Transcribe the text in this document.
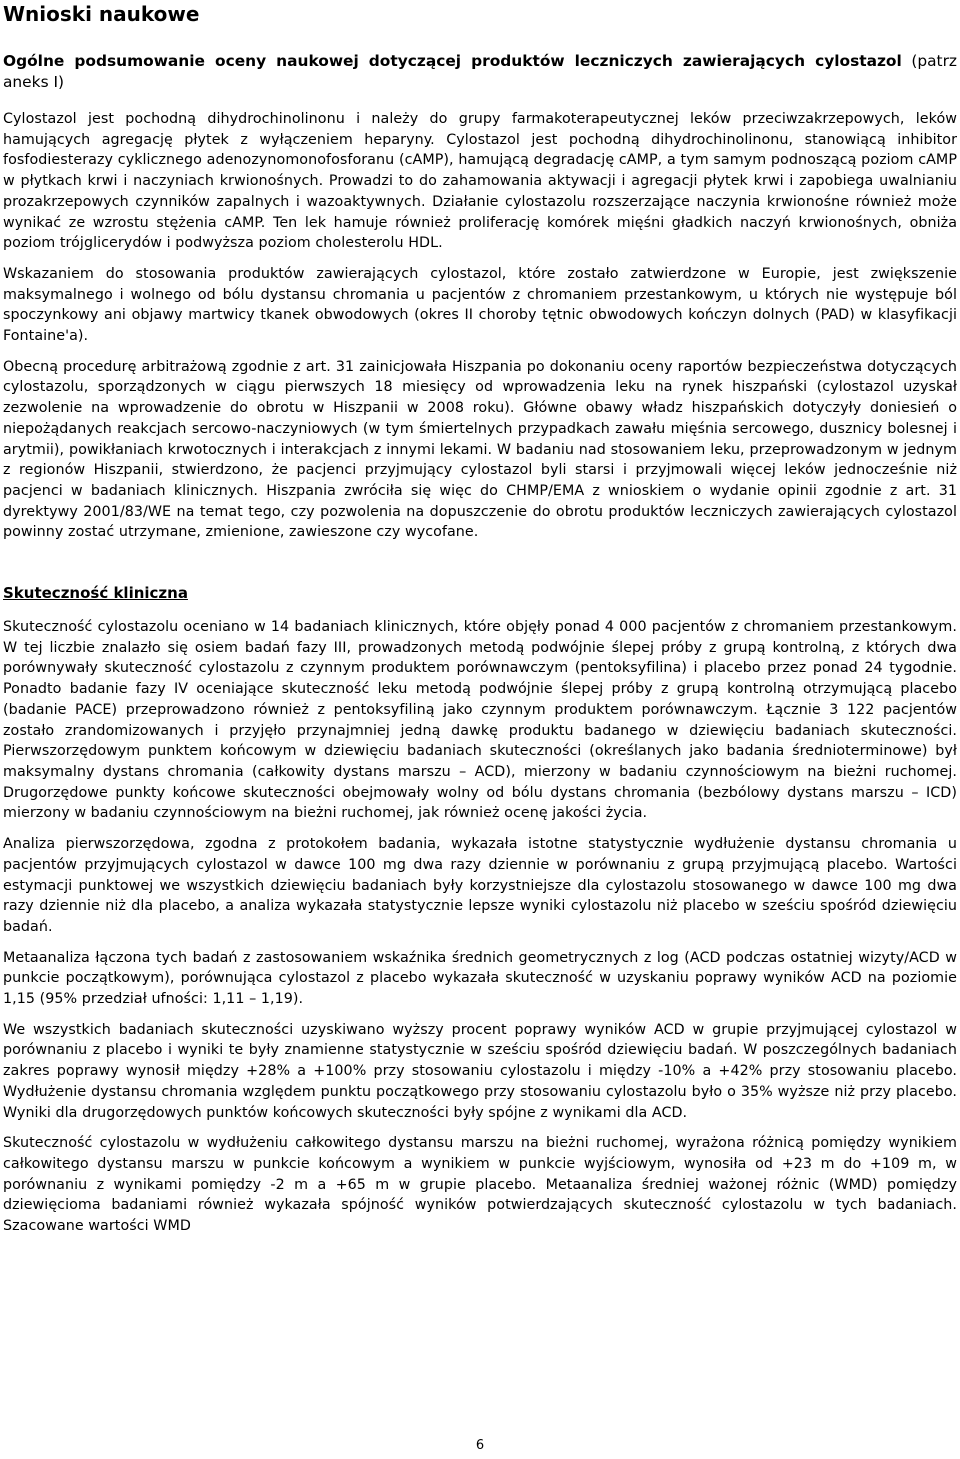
Wnioski naukowe
Ogólne podsumowanie oceny naukowej dotyczącej produktów leczniczych zawierających cylostazol (patrz aneks I)

Cylostazol jest pochodną dihydrochinolinonu i należy do grupy farmakoterapeutycznej leków przeciwzakrzepowych, leków hamujących agregację płytek z wyłączeniem heparyny. Cylostazol jest pochodną dihydrochinolinonu, stanowiącą inhibitor fosfodiesterazy cyklicznego adenozynomonofosforanu (cAMP), hamującą degradację cAMP, a tym samym podnoszącą poziom cAMP w płytkach krwi i naczyniach krwionośnych. Prowadzi to do zahamowania aktywacji i agregacji płytek krwi i zapobiega uwalnianiu prozakrzepowych czynników zapalnych i wazoaktywnych. Działanie cylostazolu rozszerzające naczynia krwionośne również może wynikać ze wzrostu stężenia cAMP. Ten lek hamuje również proliferację komórek mięśni gładkich naczyń krwionośnych, obniża poziom trójglicerydów i podwyższa poziom cholesterolu HDL.

Wskazaniem do stosowania produktów zawierających cylostazol, które zostało zatwierdzone w Europie, jest zwiększenie maksymalnego i wolnego od bólu dystansu chromania u pacjentów z chromaniem przestankowym, u których nie występuje ból spoczynkowy ani objawy martwicy tkanek obwodowych (okres II choroby tętnic obwodowych kończyn dolnych (PAD) w klasyfikacji Fontaine'a).

Obecną procedurę arbitrażową zgodnie z art. 31 zainicjowała Hiszpania po dokonaniu oceny raportów bezpieczeństwa dotyczących cylostazolu, sporządzonych w ciągu pierwszych 18 miesięcy od wprowadzenia leku na rynek hiszpański (cylostazol uzyskał zezwolenie na wprowadzenie do obrotu w Hiszpanii w 2008 roku). Główne obawy władz hiszpańskich dotyczyły doniesień o niepożądanych reakcjach sercowo-naczyniowych (w tym śmiertelnych przypadkach zawału mięśnia sercowego, dusznicy bolesnej i arytmii), powikłaniach krwotocznych i interakcjach z innymi lekami. W badaniu nad stosowaniem leku, przeprowadzonym w jednym z regionów Hiszpanii, stwierdzono, że pacjenci przyjmujący cylostazol byli starsi i przyjmowali więcej leków jednocześnie niż pacjenci w badaniach klinicznych. Hiszpania zwróciła się więc do CHMP/EMA z wnioskiem o wydanie opinii zgodnie z art. 31 dyrektywy 2001/83/WE na temat tego, czy pozwolenia na dopuszczenie do obrotu produktów leczniczych zawierających cylostazol powinny zostać utrzymane, zmienione, zawieszone czy wycofane.

Skuteczność kliniczna

Skuteczność cylostazolu oceniano w 14 badaniach klinicznych, które objęły ponad 4 000 pacjentów z chromaniem przestankowym. W tej liczbie znalazło się osiem badań fazy III, prowadzonych metodą podwójnie ślepej próby z grupą kontrolną, z których dwa porównywały skuteczność cylostazolu z czynnym produktem porównawczym (pentoksyfilina) i placebo przez ponad 24 tygodnie. Ponadto badanie fazy IV oceniające skuteczność leku metodą podwójnie ślepej próby z grupą kontrolną otrzymującą placebo (badanie PACE) przeprowadzono również z pentoksyfiliną jako czynnym produktem porównawczym. Łącznie 3 122 pacjentów zostało zrandomizowanych i przyjęło przynajmniej jedną dawkę produktu badanego w dziewięciu badaniach skuteczności. Pierwszorzędowym punktem końcowym w dziewięciu badaniach skuteczności (określanych jako badania średnioterminowe) był maksymalny dystans chromania (całkowity dystans marszu – ACD), mierzony w badaniu czynnościowym na bieżni ruchomej. Drugorzędowe punkty końcowe skuteczności obejmowały wolny od bólu dystans chromania (bezbólowy dystans marszu – ICD) mierzony w badaniu czynnościowym na bieżni ruchomej, jak również ocenę jakości życia.

Analiza pierwszorzędowa, zgodna z protokołem badania, wykazała istotne statystycznie wydłużenie dystansu chromania u pacjentów przyjmujących cylostazol w dawce 100 mg dwa razy dziennie w porównaniu z grupą przyjmującą placebo. Wartości estymacji punktowej we wszystkich dziewięciu badaniach były korzystniejsze dla cylostazolu stosowanego w dawce 100 mg dwa razy dziennie niż dla placebo, a analiza wykazała statystycznie lepsze wyniki cylostazolu niż placebo w sześciu spośród dziewięciu badań.

Metaanaliza łączona tych badań z zastosowaniem wskaźnika średnich geometrycznych z log (ACD podczas ostatniej wizyty/ACD w punkcie początkowym), porównująca cylostazol z placebo wykazała skuteczność w uzyskaniu poprawy wyników ACD na poziomie 1,15 (95% przedział ufności: 1,11 – 1,19).

We wszystkich badaniach skuteczności uzyskiwano wyższy procent poprawy wyników ACD w grupie przyjmującej cylostazol w porównaniu z placebo i wyniki te były znamienne statystycznie w sześciu spośród dziewięciu badań. W poszczególnych badaniach zakres poprawy wynosił między +28% a +100% przy stosowaniu cylostazolu i między -10% a +42% przy stosowaniu placebo. Wydłużenie dystansu chromania względem punktu początkowego przy stosowaniu cylostazolu było o 35% wyższe niż przy placebo. Wyniki dla drugorzędowych punktów końcowych skuteczności były spójne z wynikami dla ACD.

Skuteczność cylostazolu w wydłużeniu całkowitego dystansu marszu na bieżni ruchomej, wyrażona różnicą pomiędzy wynikiem całkowitego dystansu marszu w punkcie końcowym a wynikiem w punkcie wyjściowym, wynosiła od +23 m do +109 m, w porównaniu z wynikami pomiędzy -2 m a +65 m w grupie placebo. Metaanaliza średniej ważonej różnic (WMD) pomiędzy dziewięcioma badaniami również wykazała spójność wyników potwierdzających skuteczność cylostazolu w tych badaniach. Szacowane wartości WMD

6
